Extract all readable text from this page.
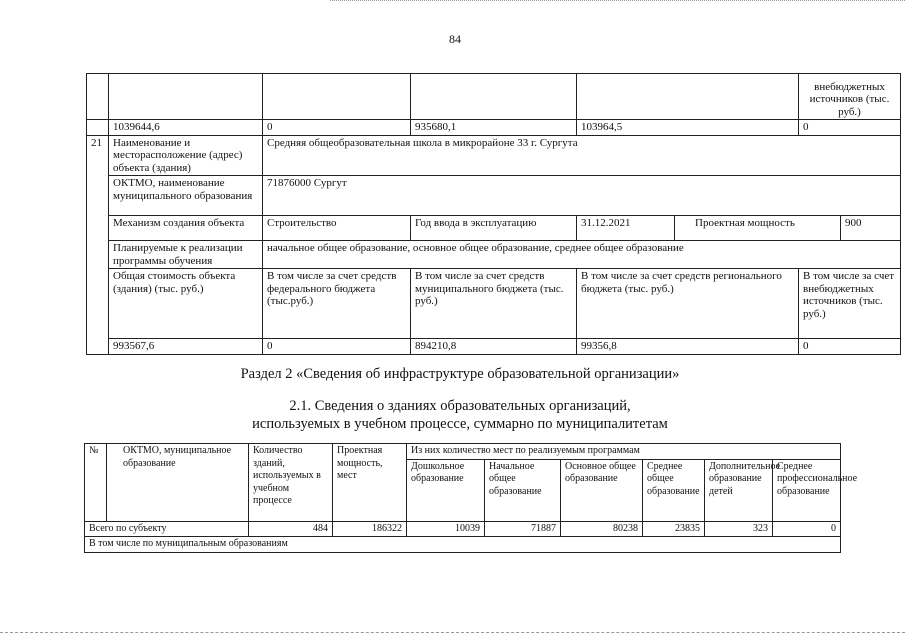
84
						внебюджетных источников (тыс. руб.)	
	1039644,6	0	935680,1	103964,5		0	
21	Наименование и месторасположение (адрес) объекта (здания)	Средняя общеобразовательная школа в микрорайоне 33 г. Сургута					
	ОКТМО, наименование муниципального образования	71876000 Сургут					
	Механизм создания объекта	Строительство	Год ввода в эксплуатацию	31.12.2021	Проектная мощность		900
	Планируемые к реализации программы обучения	начальное общее образование, основное общее образование, среднее общее образование					
	Общая стоимость объекта (здания) (тыс. руб.)	В том числе за счет средств федерального бюджета (тыс.руб.)	В том числе за счет средств муниципального бюджета (тыс. руб.)	В том числе за счет средств регионального бюджета (тыс. руб.)		В том числе за счет внебюджетных источников (тыс. руб.)	
	993567,6	0	894210,8	99356,8		0	
Раздел 2 «Сведения об инфраструктуре образовательной организации»
2.1. Сведения о зданиях образовательных организаций,
используемых в учебном процессе, суммарно по муниципалитетам
№	ОКТМО, муниципальное образование	Количество зданий, используемых в учебном процессе	Проектная мощность, мест	Из них количество мест по реализуемым программам					
				Дошкольное образование	Начальное общее образование	Основное общее образование	Среднее общее образование	Дополнительное образование детей	Среднее профессиональное образование
Всего по субъекту		484	186322	10039	71887	80238	23835	323	0
В том числе по муниципальным образованиям									
